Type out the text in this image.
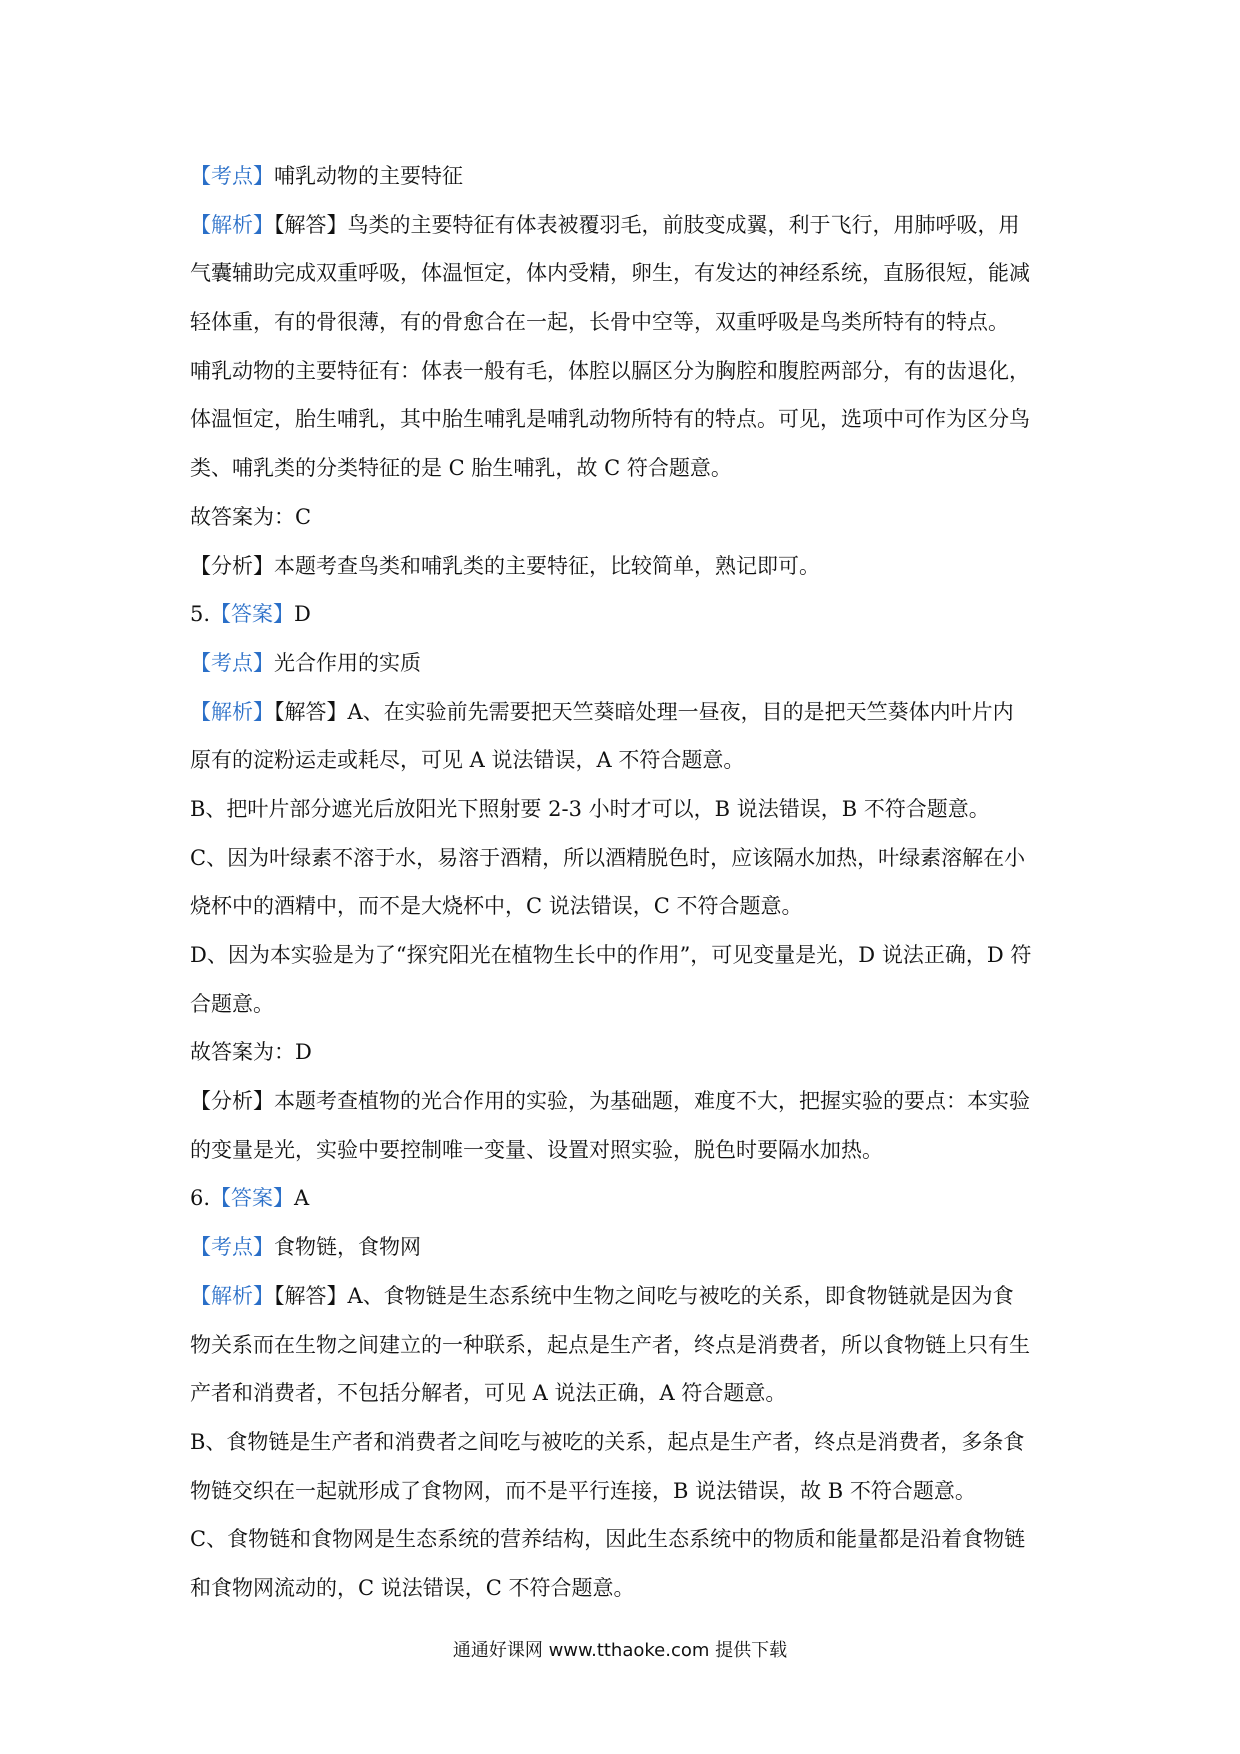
【考点】哺乳动物的主要特征

【解析】【解答】鸟类的主要特征有体表被覆羽毛，前肢变成翼，利于飞行，用肺呼吸，用

气囊辅助完成双重呼吸，体温恒定，体内受精，卵生，有发达的神经系统，直肠很短，能减

轻体重，有的骨很薄，有的骨愈合在一起，长骨中空等，双重呼吸是鸟类所特有的特点。

哺乳动物的主要特征有：体表一般有毛，体腔以膈区分为胸腔和腹腔两部分，有的齿退化，

体温恒定，胎生哺乳，其中胎生哺乳是哺乳动物所特有的特点。可见，选项中可作为区分鸟

类、哺乳类的分类特征的是 C 胎生哺乳，故 C 符合题意。

故答案为：C

【分析】本题考查鸟类和哺乳类的主要特征，比较简单，熟记即可。

5.【答案】D

【考点】光合作用的实质

【解析】【解答】A、在实验前先需要把天竺葵暗处理一昼夜，目的是把天竺葵体内叶片内

原有的淀粉运走或耗尽，可见 A 说法错误，A 不符合题意。

B、把叶片部分遮光后放阳光下照射要 2-3 小时才可以，B 说法错误，B 不符合题意。

C、因为叶绿素不溶于水，易溶于酒精，所以酒精脱色时，应该隔水加热，叶绿素溶解在小

烧杯中的酒精中，而不是大烧杯中，C 说法错误，C 不符合题意。

D、因为本实验是为了“探究阳光在植物生长中的作用”，可见变量是光，D 说法正确，D 符

合题意。

故答案为：D

【分析】本题考查植物的光合作用的实验，为基础题，难度不大，把握实验的要点：本实验

的变量是光，实验中要控制唯一变量、设置对照实验，脱色时要隔水加热。

6.【答案】A

【考点】食物链，食物网

【解析】【解答】A、食物链是生态系统中生物之间吃与被吃的关系，即食物链就是因为食

物关系而在生物之间建立的一种联系，起点是生产者，终点是消费者，所以食物链上只有生

产者和消费者，不包括分解者，可见 A 说法正确，A 符合题意。

B、食物链是生产者和消费者之间吃与被吃的关系，起点是生产者，终点是消费者，多条食

物链交织在一起就形成了食物网，而不是平行连接，B 说法错误，故 B 不符合题意。

C、食物链和食物网是生态系统的营养结构，因此生态系统中的物质和能量都是沿着食物链

和食物网流动的，C 说法错误，C 不符合题意。

通通好课网 www.tthaoke.com 提供下载
